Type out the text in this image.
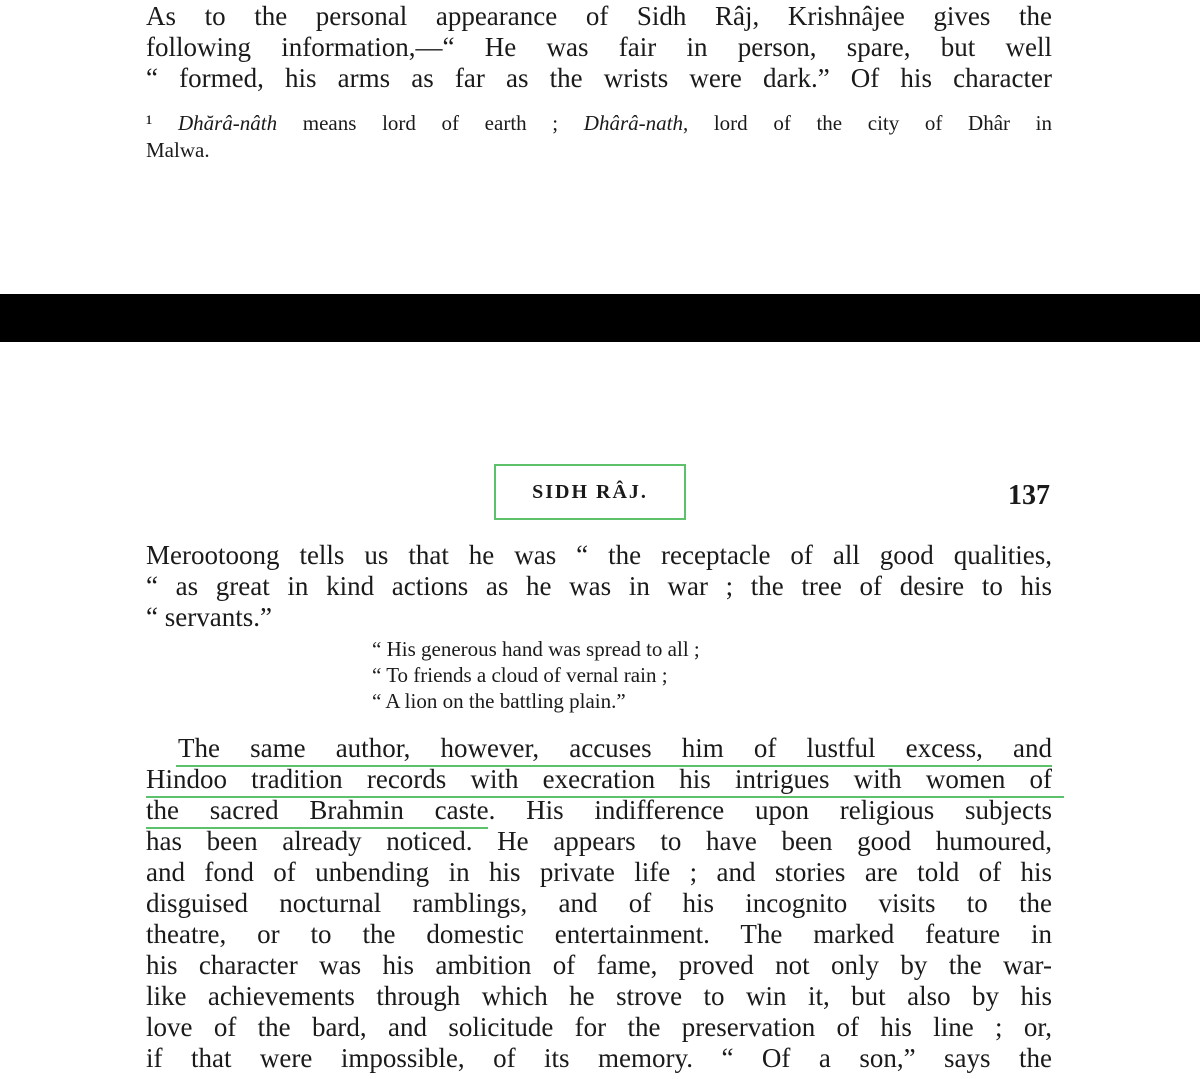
As to the personal appearance of Sidh Râj, Krishnâjee gives the
following information,—“ He was fair in person, spare, but well
“ formed, his arms as far as the wrists were dark.” Of his character
¹ Dhărâ-nâth means lord of earth ; Dhârâ-nath, lord of the city of Dhâr in
Malwa.
SIDH RÂJ.	137
Merootoong tells us that he was “ the receptacle of all good qualities,
“ as great in kind actions as he was in war ; the tree of desire to his
“ servants.”
“ His generous hand was spread to all ;
“ To friends a cloud of vernal rain ;
“ A lion on the battling plain.”
The same author, however, accuses him of lustful excess, and
Hindoo tradition records with execration his intrigues with women of
the sacred Brahmin caste. His indifference upon religious subjects
has been already noticed. He appears to have been good humoured,
and fond of unbending in his private life ; and stories are told of his
disguised nocturnal ramblings, and of his incognito visits to the
theatre, or to the domestic entertainment. The marked feature in
his character was his ambition of fame, proved not only by the war-
like achievements through which he strove to win it, but also by his
love of the bard, and solicitude for the preservation of his line ; or,
if that were impossible, of its memory. “ Of a son,” says the
